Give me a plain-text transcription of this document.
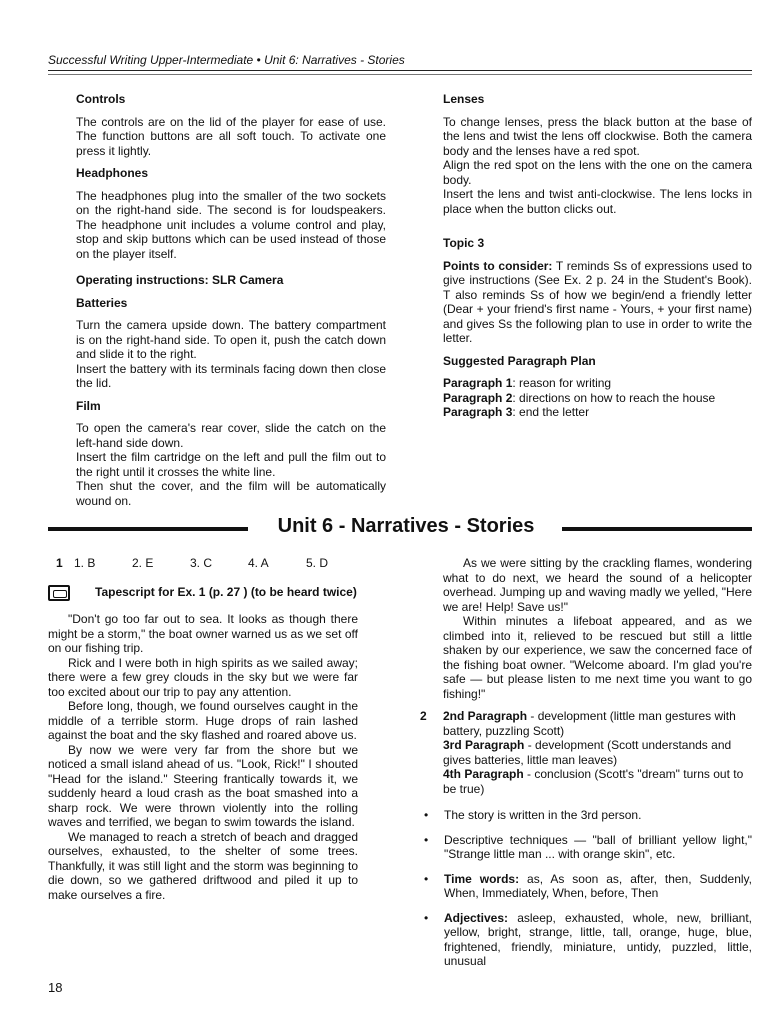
Successful Writing Upper-Intermediate • Unit 6: Narratives - Stories
Controls

The controls are on the lid of the player for ease of use. The function buttons are all soft touch. To activate one press it lightly.

Headphones

The headphones plug into the smaller of the two sockets on the right-hand side. The second is for loudspeakers. The headphone unit includes a volume control and play, stop and skip buttons which can be used instead of those on the player itself.

Operating instructions: SLR Camera
Batteries

Turn the camera upside down. The battery compartment is on the right-hand side. To open it, push the catch down and slide it to the right.

Insert the battery with its terminals facing down then close the lid.

Film

To open the camera's rear cover, slide the catch on the left-hand side down.

Insert the film cartridge on the left and pull the film out to the right until it crosses the white line.

Then shut the cover, and the film will be automatically wound on.

Lenses

To change lenses, press the black button at the base of the lens and twist the lens off clockwise. Both the camera body and the lenses have a red spot.

Align the red spot on the lens with the one on the camera body.

Insert the lens and twist anti-clockwise. The lens locks in place when the button clicks out.

Topic 3

Points to consider: T reminds Ss of expressions used to give instructions (See Ex. 2 p. 24 in the Student's Book). T also reminds Ss of how we begin/end a friendly letter (Dear + your friend's first name - Yours, + your first name) and gives Ss the following plan to use in order to write the letter.

Suggested Paragraph Plan

Paragraph 1: reason for writing

Paragraph 2: directions on how to reach the house

Paragraph 3: end the letter

Unit 6 - Narratives - Stories
1 1. B	2. E	3. C	4. A	5. D
Tapescript for Ex. 1 (p. 27 ) (to be heard twice)

"Don't go too far out to sea. It looks as though there might be a storm," the boat owner warned us as we set off on our fishing trip.

Rick and I were both in high spirits as we sailed away; there were a few grey clouds in the sky but we were far too excited about our trip to pay any attention.

Before long, though, we found ourselves caught in the middle of a terrible storm. Huge drops of rain lashed against the boat and the sky flashed and roared above us.

By now we were very far from the shore but we noticed a small island ahead of us. "Look, Rick!" I shouted "Head for the island." Steering frantically towards it, we suddenly heard a loud crash as the boat smashed into a sharp rock. We were thrown violently into the rolling waves and terrified, we began to swim towards the island.

We managed to reach a stretch of beach and dragged ourselves, exhausted, to the shelter of some trees. Thankfully, it was still light and the storm was beginning to die down, so we gathered driftwood and piled it up to make ourselves a fire.

As we were sitting by the crackling flames, wondering what to do next, we heard the sound of a helicopter overhead. Jumping up and waving madly we yelled, "Here we are! Help! Save us!"

Within minutes a lifeboat appeared, and as we climbed into it, relieved to be rescued but still a little shaken by our experience, we saw the concerned face of the fishing boat owner. "Welcome aboard. I'm glad you're safe — but please listen to me next time you want to go fishing!"

2 2nd Paragraph - development (little man gestures with battery, puzzling Scott)

3rd Paragraph - development (Scott understands and gives batteries, little man leaves)

4th Paragraph - conclusion (Scott's "dream" turns out to be true)

• The story is written in the 3rd person.
• Descriptive techniques — "ball of brilliant yellow light," "Strange little man ... with orange skin", etc.
• Time words: as, As soon as, after, then, Suddenly, When, Immediately, When, before, Then
• Adjectives: asleep, exhausted, whole, new, brilliant, yellow, bright, strange, little, tall, orange, huge, blue, frightened, friendly, miniature, untidy, puzzled, little, unusual
18
